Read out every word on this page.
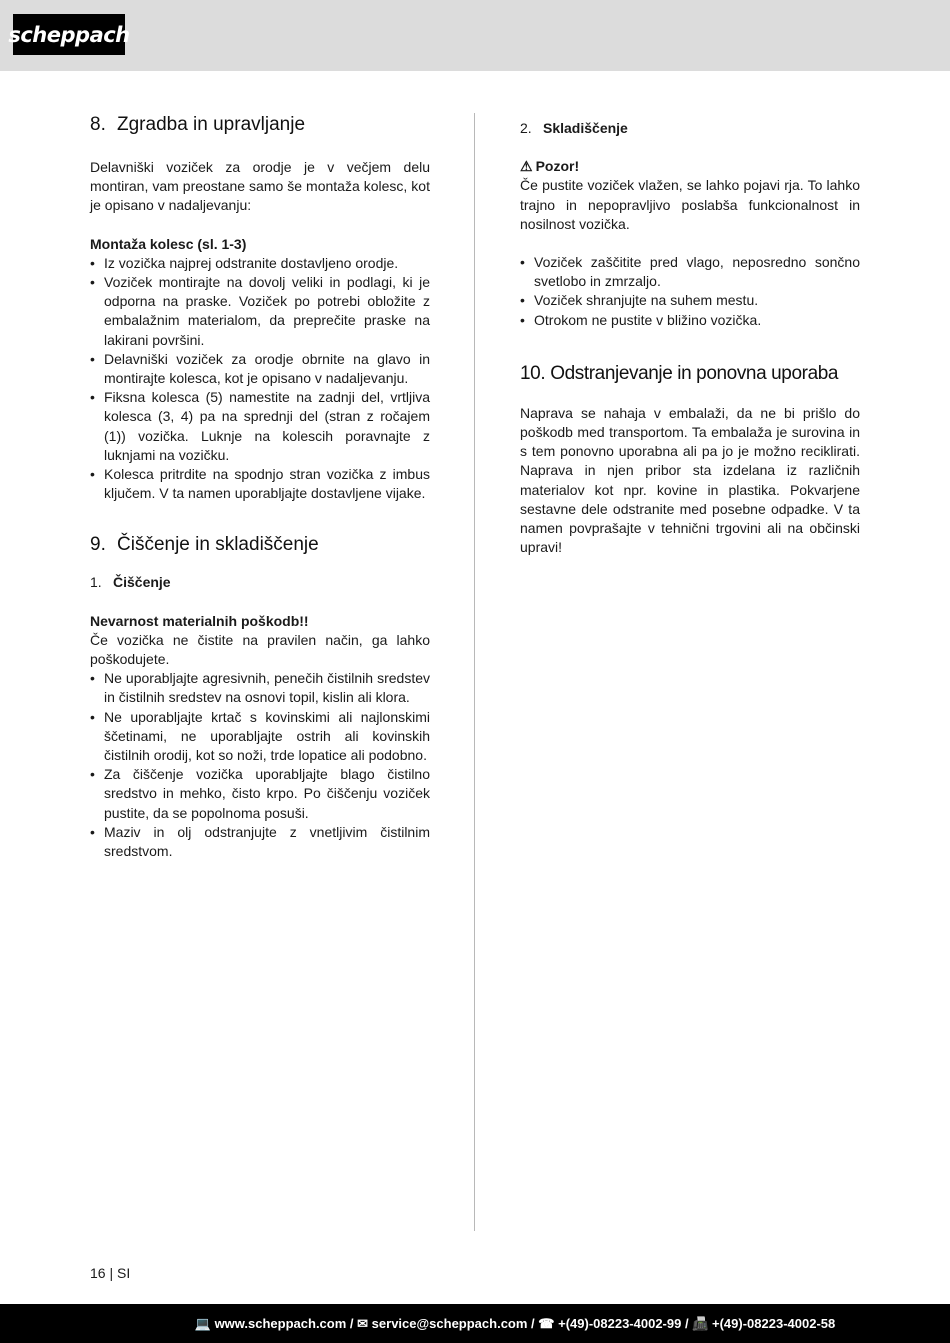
scheppach
8. Zgradba in upravljanje

Delavniški voziček za orodje je v večjem delu montiran, vam preostane samo še montaža kolesc, kot je opisano v nadaljevanju:

Montaža kolesc (sl. 1-3)

• Iz vozička najprej odstranite dostavljeno orodje.
• Voziček montirajte na dovolj veliki in podlagi, ki je odporna na praske. Voziček po potrebi obložite z embalažnim materialom, da preprečite praske na lakirani površini.
• Delavniški voziček za orodje obrnite na glavo in montirajte kolesca, kot je opisano v nadaljevanju.
• Fiksna kolesca (5) namestite na zadnji del, vrtljiva kolesca (3, 4) pa na sprednji del (stran z ročajem (1)) vozička. Luknje na kolescih poravnajte z luknjami na vozičku.
• Kolesca pritrdite na spodnjo stran vozička z imbus ključem. V ta namen uporabljajte dostavljene vijake.
9. Čiščenje in skladiščenje

1. Čiščenje

Nevarnost materialnih poškodb!!

Če vozička ne čistite na pravilen način, ga lahko poškodujete.

• Ne uporabljajte agresivnih, penečih čistilnih sredstev in čistilnih sredstev na osnovi topil, kislin ali klora.
• Ne uporabljajte krtač s kovinskimi ali najlonskimi ščetinami, ne uporabljajte ostrih ali kovinskih čistilnih orodij, kot so noži, trde lopatice ali podobno.
• Za čiščenje vozička uporabljajte blago čistilno sredstvo in mehko, čisto krpo. Po čiščenju voziček pustite, da se popolnoma posuši.
• Maziv in olj odstranjujte z vnetljivim čistilnim sredstvom.

2. Skladiščenje

⚠ Pozor!

Če pustite voziček vlažen, se lahko pojavi rja. To lahko trajno in nepopravljivo poslabša funkcionalnost in nosilnost vozička.

• Voziček zaščitite pred vlago, neposredno sončno svetlobo in zmrzaljo.
• Voziček shranjujte na suhem mestu.
• Otrokom ne pustite v bližino vozička.
10. Odstranjevanje in ponovna uporaba

Naprava se nahaja v embalaži, da ne bi prišlo do poškodb med transportom. Ta embalaža je surovina in s tem ponovno uporabna ali pa jo je možno reciklirati. Naprava in njen pribor sta izdelana iz različnih materialov kot npr. kovine in plastika. Pokvarjene sestavne dele odstranite med posebne odpadke. V ta namen povprašajte v tehnični trgovini ali na občinski upravi!

16 | SI
💻
www.scheppach.com / ✉
service@scheppach.com / ☎
+(49)-08223-4002-99 / 📠
+(49)-08223-4002-58
